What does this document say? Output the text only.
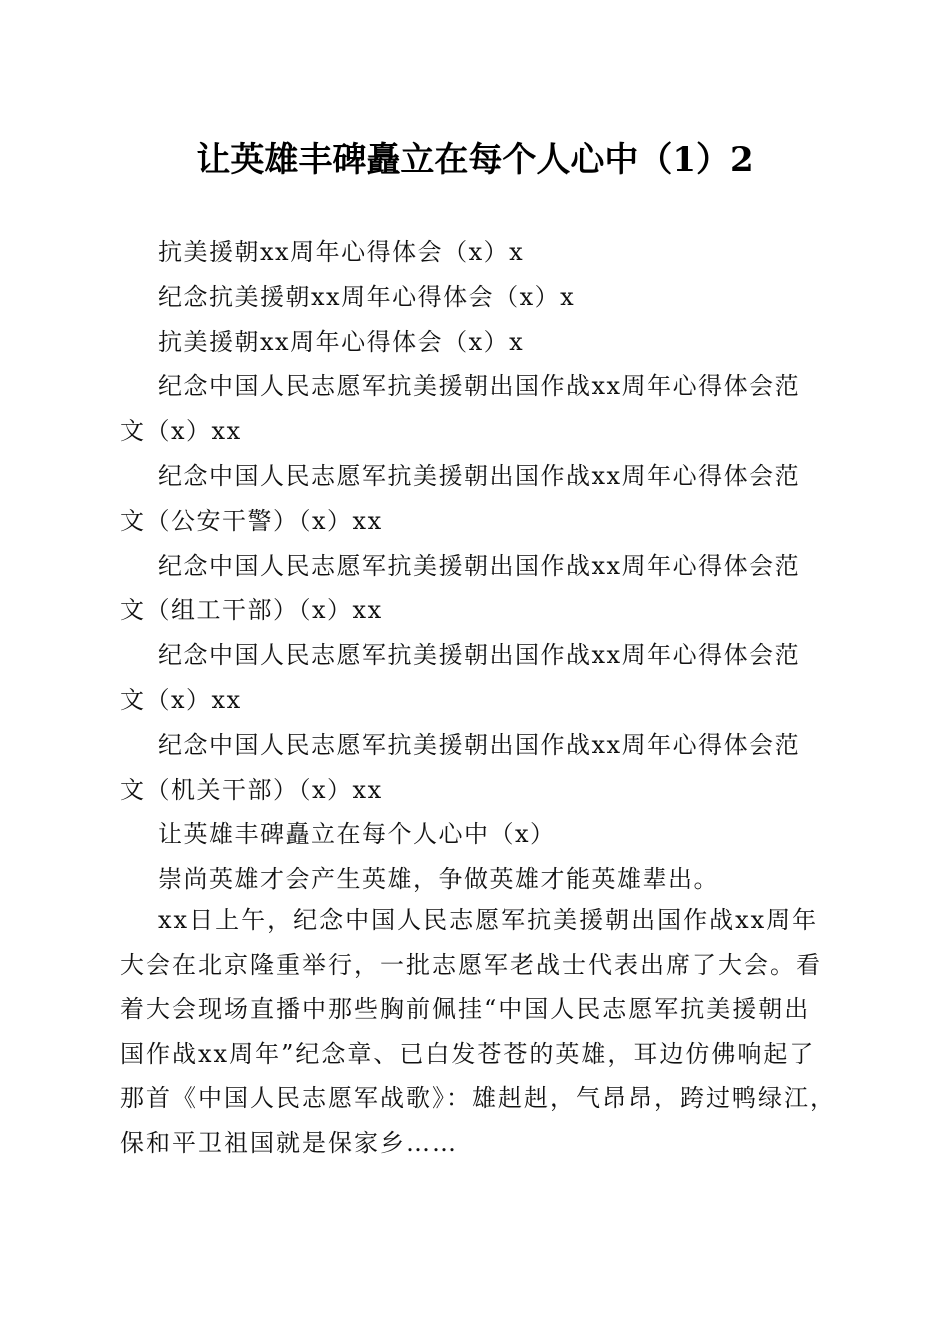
让英雄丰碑矗立在每个人心中（1）2
抗美援朝xx周年心得体会（x）x
纪念抗美援朝xx周年心得体会（x）x
抗美援朝xx周年心得体会（x）x
纪念中国人民志愿军抗美援朝出国作战xx周年心得体会范
文（x）xx
纪念中国人民志愿军抗美援朝出国作战xx周年心得体会范
文（公安干警）（x）xx
纪念中国人民志愿军抗美援朝出国作战xx周年心得体会范
文（组工干部）（x）xx
纪念中国人民志愿军抗美援朝出国作战xx周年心得体会范
文（x）xx
纪念中国人民志愿军抗美援朝出国作战xx周年心得体会范
文（机关干部）（x）xx
让英雄丰碑矗立在每个人心中（x）
崇尚英雄才会产生英雄，争做英雄才能英雄辈出。
xx日上午，纪念中国人民志愿军抗美援朝出国作战xx周年
大会在北京隆重举行，一批志愿军老战士代表出席了大会。看
着大会现场直播中那些胸前佩挂“中国人民志愿军抗美援朝出
国作战xx周年”纪念章、已白发苍苍的英雄，耳边仿佛响起了
那首《中国人民志愿军战歌》：雄赳赳，气昂昂，跨过鸭绿江，
保和平卫祖国就是保家乡……
